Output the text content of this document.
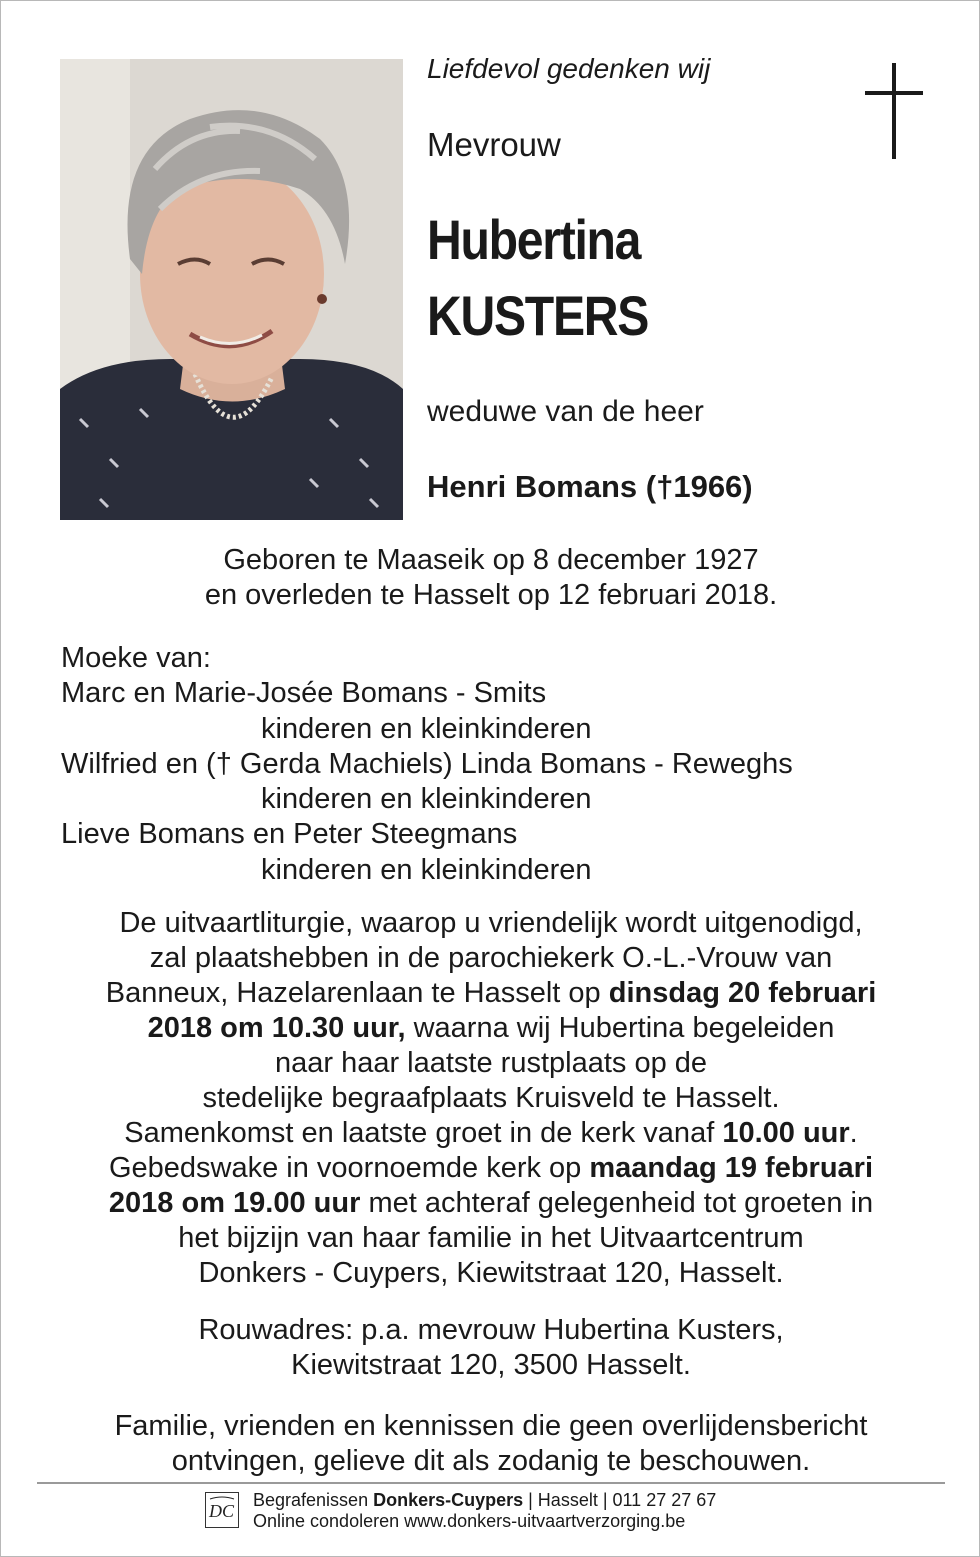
Liefdevol gedenken wij
Mevrouw
Hubertina
KUSTERS
weduwe van de heer
Henri Bomans (†1966)
Geboren te Maaseik op 8 december 1927
en overleden te Hasselt op 12 februari 2018.
Moeke van:
Marc en Marie-Josée Bomans - Smits
kinderen en kleinkinderen
Wilfried en († Gerda Machiels) Linda Bomans - Reweghs
kinderen en kleinkinderen
Lieve Bomans en Peter Steegmans
kinderen en kleinkinderen
De uitvaartliturgie, waarop u vriendelijk wordt uitgenodigd,
zal plaatshebben in de parochiekerk O.-L.-Vrouw van
Banneux, Hazelarenlaan te Hasselt op dinsdag 20 februari
2018 om 10.30 uur, waarna wij Hubertina begeleiden
naar haar laatste rustplaats op de
stedelijke begraafplaats Kruisveld te Hasselt.
Samenkomst en laatste groet in de kerk vanaf 10.00 uur.
Gebedswake in voornoemde kerk op maandag 19 februari
2018 om 19.00 uur met achteraf gelegenheid tot groeten in
het bijzijn van haar familie in het Uitvaartcentrum
Donkers - Cuypers, Kiewitstraat 120, Hasselt.
Rouwadres: p.a. mevrouw Hubertina Kusters,
Kiewitstraat 120, 3500 Hasselt.
Familie, vrienden en kennissen die geen overlijdensbericht
ontvingen, gelieve dit als zodanig te beschouwen.
DC
Begrafenissen Donkers-Cuypers | Hasselt | 011 27 27 67
Online condoleren www.donkers-uitvaartverzorging.be
